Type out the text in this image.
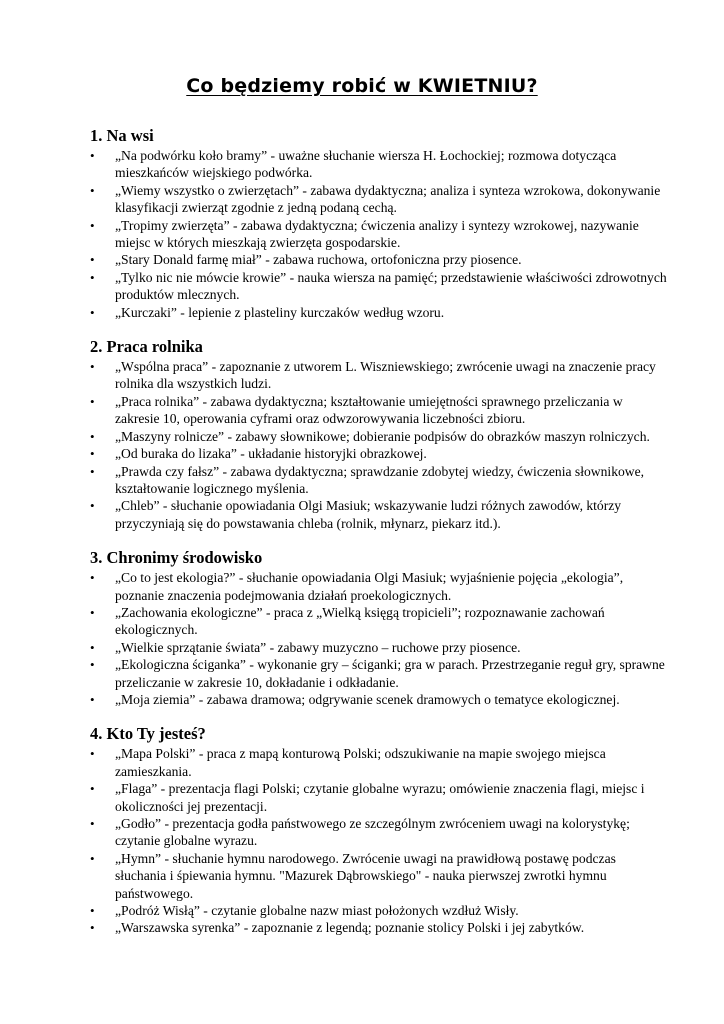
Co będziemy robić w KWIETNIU?
1. Na wsi
• „Na podwórku koło bramy” - uważne słuchanie wiersza H. Łochockiej; rozmowa dotycząca mieszkańców wiejskiego podwórka.
• „Wiemy wszystko o zwierzętach” - zabawa dydaktyczna; analiza i synteza wzrokowa, dokonywanie klasyfikacji zwierząt zgodnie z jedną podaną cechą.
• „Tropimy zwierzęta” - zabawa dydaktyczna; ćwiczenia analizy i syntezy wzrokowej, nazywanie miejsc w których mieszkają zwierzęta gospodarskie.
• „Stary Donald farmę miał” - zabawa ruchowa, ortofoniczna przy piosence.
• „Tylko nic nie mówcie krowie” - nauka wiersza na pamięć; przedstawienie właściwości zdrowotnych produktów mlecznych.
• „Kurczaki” - lepienie z plasteliny kurczaków według wzoru.
2. Praca rolnika
• „Wspólna praca” - zapoznanie z utworem L. Wiszniewskiego; zwrócenie uwagi na znaczenie pracy rolnika dla wszystkich ludzi.
• „Praca rolnika” - zabawa dydaktyczna; kształtowanie umiejętności sprawnego przeliczania w zakresie 10, operowania cyframi oraz odwzorowywania liczebności zbioru.
• „Maszyny rolnicze” - zabawy słownikowe; dobieranie podpisów do obrazków maszyn rolniczych.
• „Od buraka do lizaka” - układanie historyjki obrazkowej.
• „Prawda czy fałsz” - zabawa dydaktyczna; sprawdzanie zdobytej wiedzy, ćwiczenia słownikowe, kształtowanie logicznego myślenia.
• „Chleb” - słuchanie opowiadania Olgi Masiuk; wskazywanie ludzi różnych zawodów, którzy przyczyniają się do powstawania chleba (rolnik, młynarz, piekarz itd.).
3. Chronimy środowisko
• „Co to jest ekologia?” - słuchanie opowiadania Olgi Masiuk; wyjaśnienie pojęcia „ekologia”, poznanie znaczenia podejmowania działań proekologicznych.
• „Zachowania ekologiczne” - praca z „Wielką księgą tropicieli”; rozpoznawanie zachowań ekologicznych.
• „Wielkie sprzątanie świata” - zabawy muzyczno – ruchowe przy piosence.
• „Ekologiczna ściganka” - wykonanie gry – ściganki; gra w parach. Przestrzeganie reguł gry, sprawne przeliczanie w zakresie 10, dokładanie i odkładanie.
• „Moja ziemia” - zabawa dramowa; odgrywanie scenek dramowych o tematyce ekologicznej.
4. Kto Ty jesteś?
• „Mapa Polski” - praca z mapą konturową Polski; odszukiwanie na mapie swojego miejsca zamieszkania.
• „Flaga” - prezentacja flagi Polski; czytanie globalne wyrazu; omówienie znaczenia flagi, miejsc i okoliczności jej prezentacji.
• „Godło” - prezentacja godła państwowego ze szczególnym zwróceniem uwagi na kolorystykę; czytanie globalne wyrazu.
• „Hymn” - słuchanie hymnu narodowego. Zwrócenie uwagi na prawidłową postawę podczas słuchania i śpiewania hymnu. "Mazurek Dąbrowskiego" - nauka pierwszej zwrotki hymnu państwowego.
• „Podróż Wisłą” - czytanie globalne nazw miast położonych wzdłuż Wisły.
• „Warszawska syrenka” - zapoznanie z legendą; poznanie stolicy Polski i jej zabytków.
